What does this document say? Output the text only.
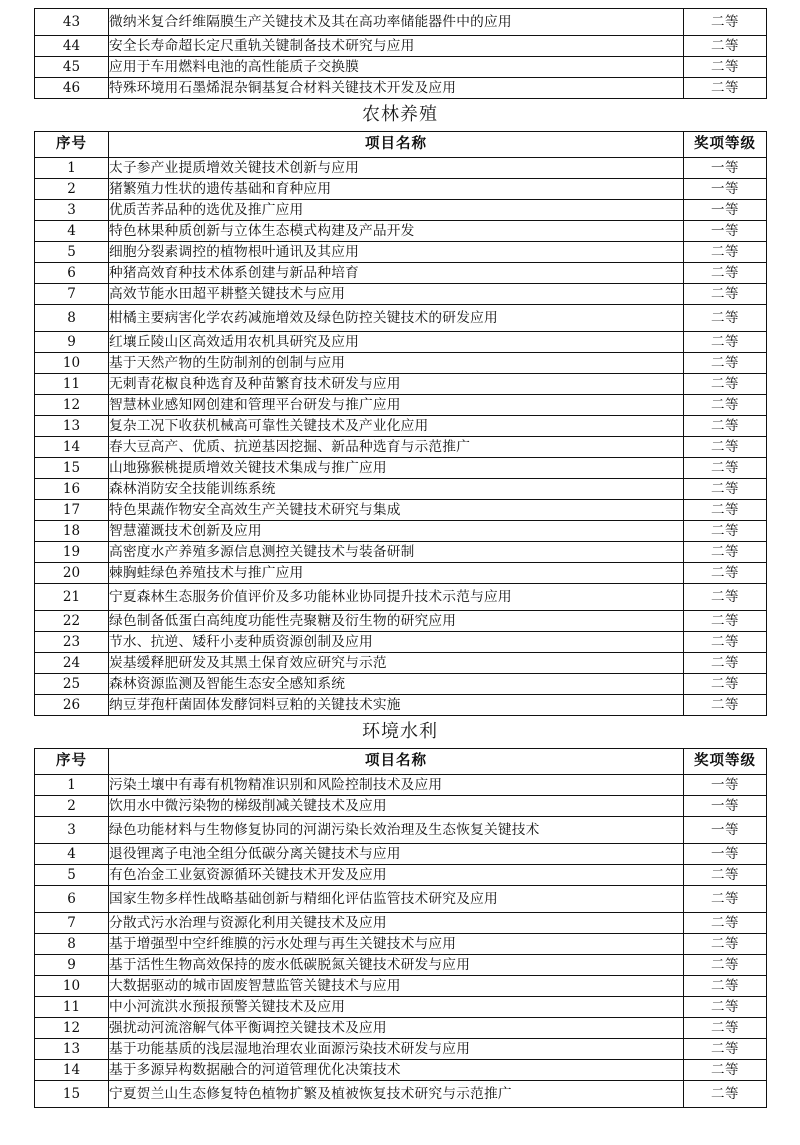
43	微纳米复合纤维隔膜生产关键技术及其在高功率储能器件中的应用	二等
44	安全长寿命超长定尺重轨关键制备技术研究与应用	二等
45	应用于车用燃料电池的高性能质子交换膜	二等
46	特殊环境用石墨烯混杂铜基复合材料关键技术开发及应用	二等
农林养殖
序号	项目名称	奖项等级
1	太子参产业提质增效关键技术创新与应用	一等
2	猪繁殖力性状的遗传基础和育种应用	一等
3	优质苦荞品种的选优及推广应用	一等
4	特色林果种质创新与立体生态模式构建及产品开发	一等
5	细胞分裂素调控的植物根叶通讯及其应用	二等
6	种猪高效育种技术体系创建与新品种培育	二等
7	高效节能水田超平耕整关键技术与应用	二等
8	柑橘主要病害化学农药减施增效及绿色防控关键技术的研发应用	二等
9	红壤丘陵山区高效适用农机具研究及应用	二等
10	基于天然产物的生防制剂的创制与应用	二等
11	无刺青花椒良种选育及种苗繁育技术研发与应用	二等
12	智慧林业感知网创建和管理平台研发与推广应用	二等
13	复杂工况下收获机械高可靠性关键技术及产业化应用	二等
14	春大豆高产、优质、抗逆基因挖掘、新品种选育与示范推广	二等
15	山地猕猴桃提质增效关键技术集成与推广应用	二等
16	森林消防安全技能训练系统	二等
17	特色果蔬作物安全高效生产关键技术研究与集成	二等
18	智慧灌溉技术创新及应用	二等
19	高密度水产养殖多源信息测控关键技术与装备研制	二等
20	棘胸蛙绿色养殖技术与推广应用	二等
21	宁夏森林生态服务价值评价及多功能林业协同提升技术示范与应用	二等
22	绿色制备低蛋白高纯度功能性壳聚糖及衍生物的研究应用	二等
23	节水、抗逆、矮秆小麦种质资源创制及应用	二等
24	炭基缓释肥研发及其黑土保育效应研究与示范	二等
25	森林资源监测及智能生态安全感知系统	二等
26	纳豆芽孢杆菌固体发酵饲料豆粕的关键技术实施	二等
环境水利
序号	项目名称	奖项等级
1	污染土壤中有毒有机物精准识别和风险控制技术及应用	一等
2	饮用水中微污染物的梯级削减关键技术及应用	一等
3	绿色功能材料与生物修复协同的河湖污染长效治理及生态恢复关键技术	一等
4	退役锂离子电池全组分低碳分离关键技术与应用	一等
5	有色冶金工业氨资源循环关键技术开发及应用	二等
6	国家生物多样性战略基础创新与精细化评估监管技术研究及应用	二等
7	分散式污水治理与资源化利用关键技术及应用	二等
8	基于增强型中空纤维膜的污水处理与再生关键技术与应用	二等
9	基于活性生物高效保持的废水低碳脱氮关键技术研发与应用	二等
10	大数据驱动的城市固废智慧监管关键技术与应用	二等
11	中小河流洪水预报预警关键技术及应用	二等
12	强扰动河流溶解气体平衡调控关键技术及应用	二等
13	基于功能基质的浅层湿地治理农业面源污染技术研发与应用	二等
14	基于多源异构数据融合的河道管理优化决策技术	二等
15	宁夏贺兰山生态修复特色植物扩繁及植被恢复技术研究与示范推广	二等
